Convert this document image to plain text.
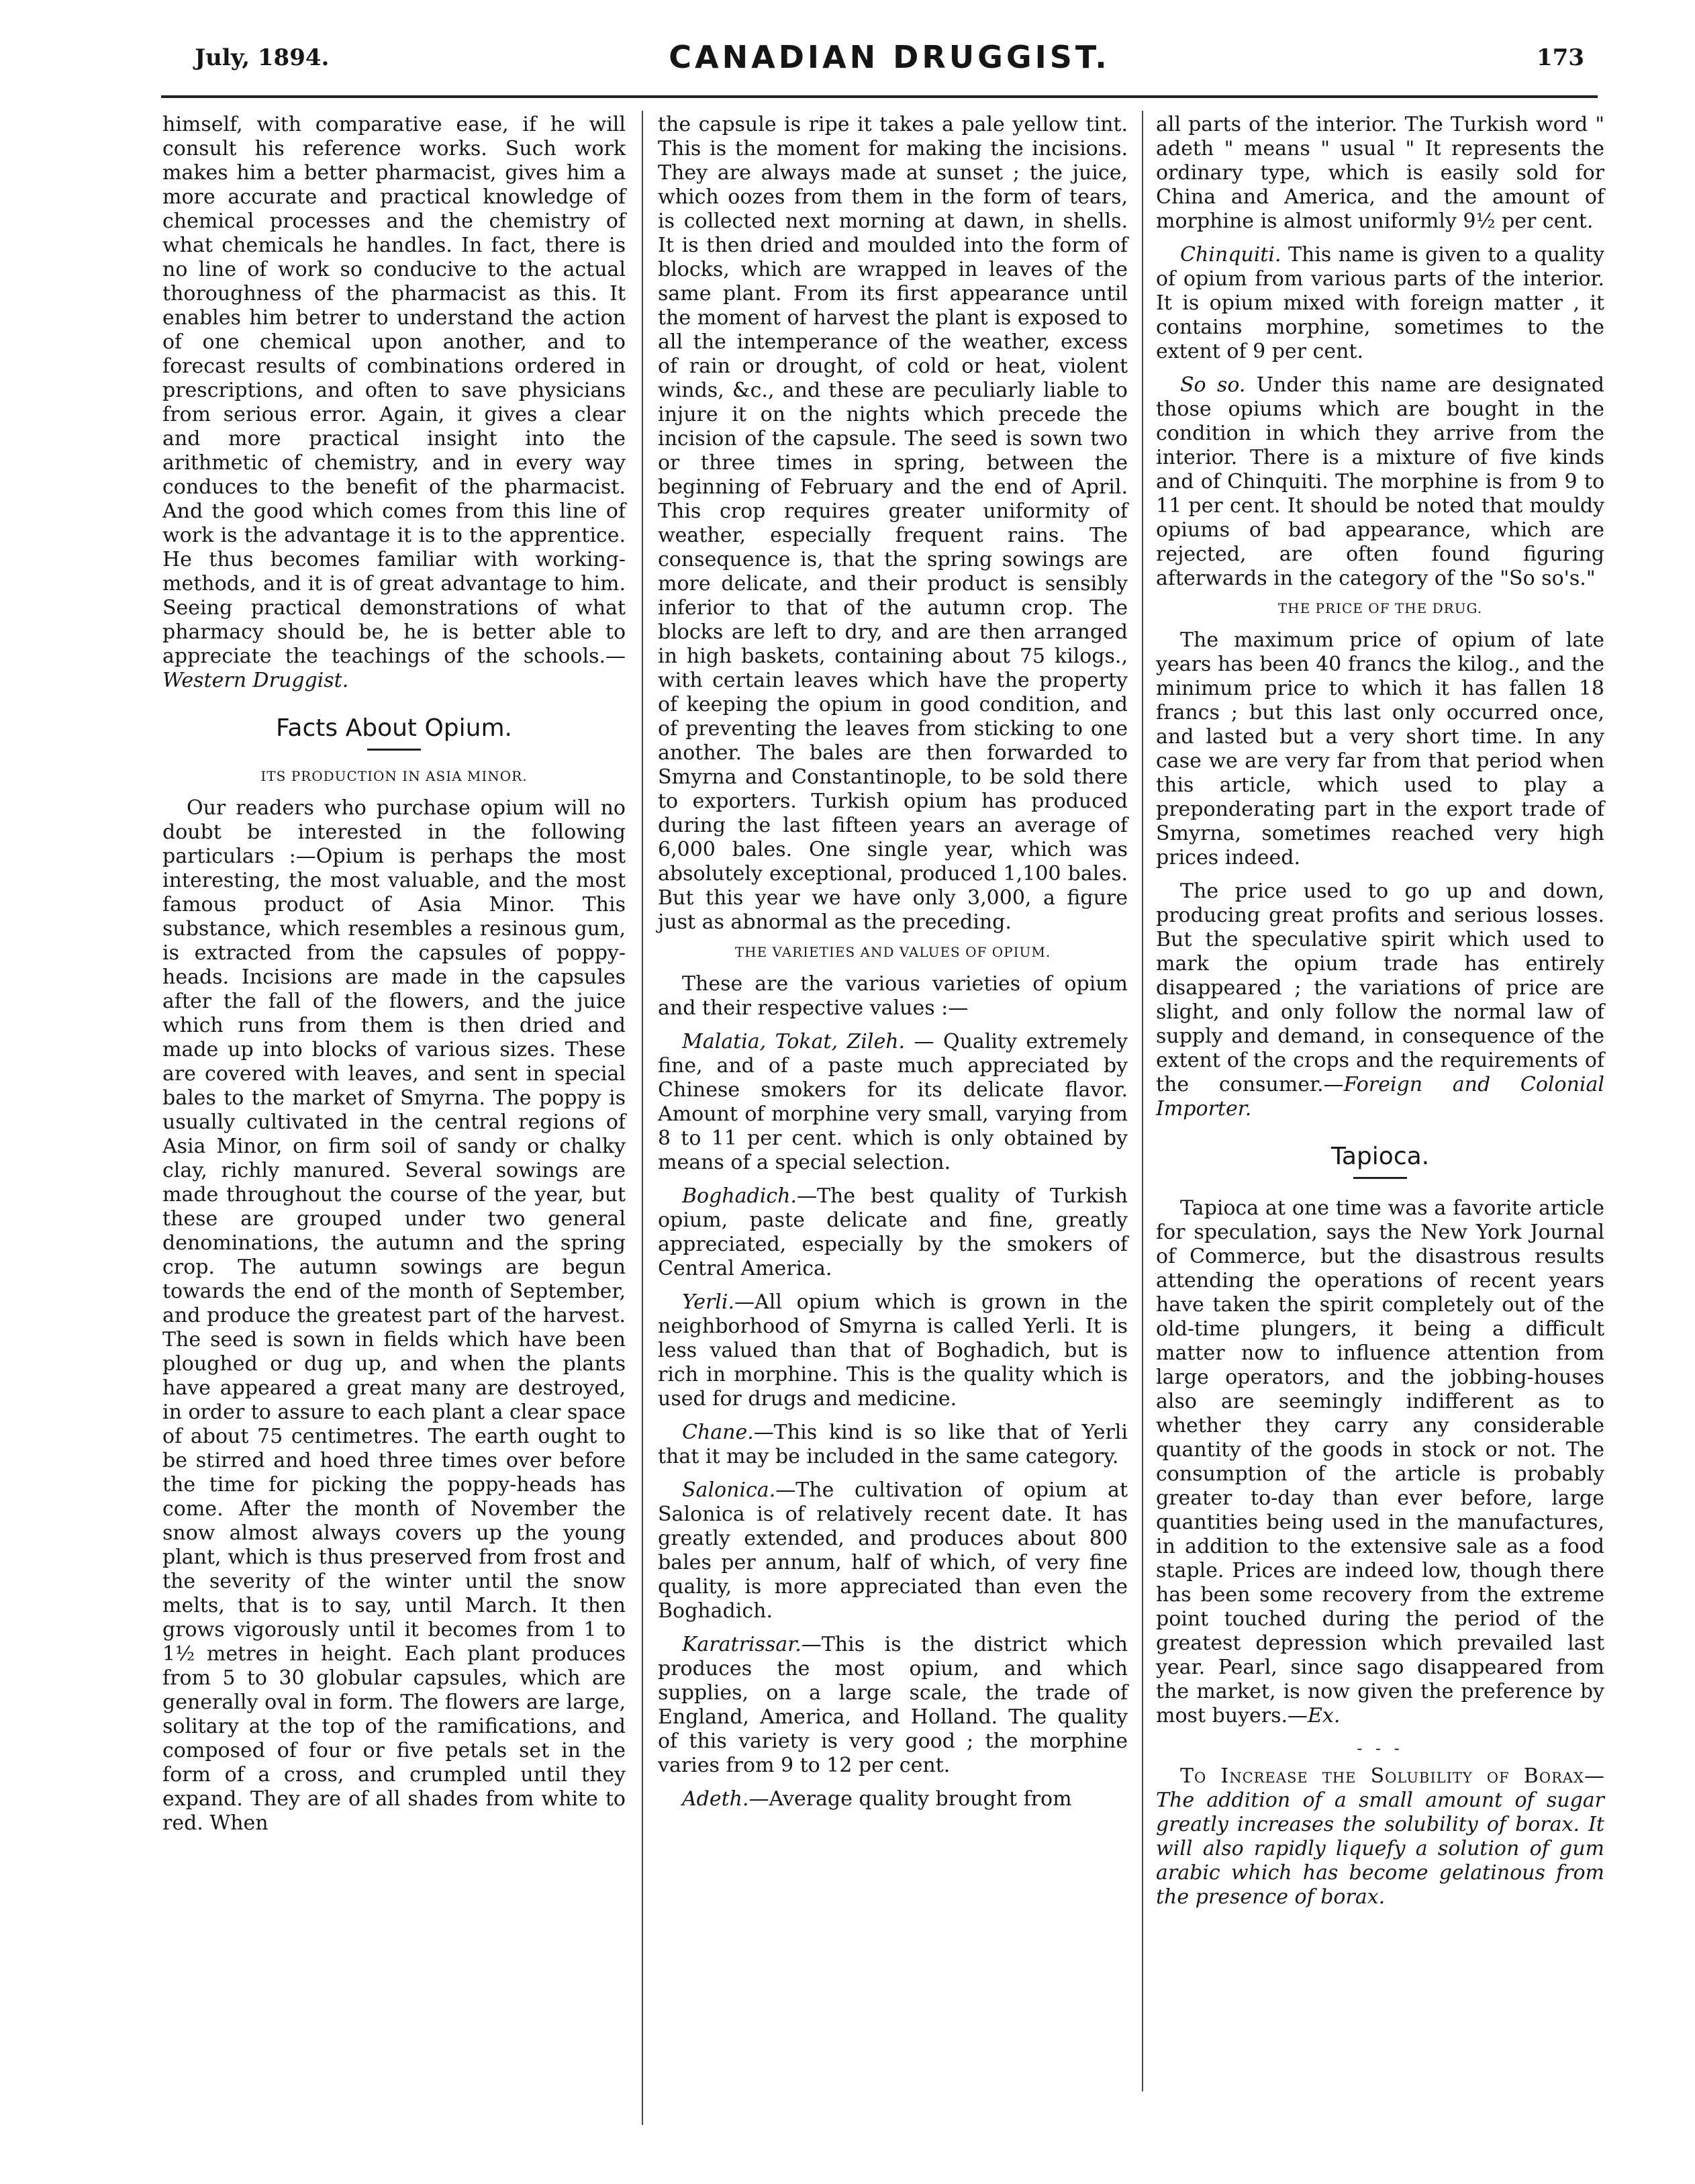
July, 1894.	CANADIAN DRUGGIST.	173

himself, with comparative ease, if he will consult his reference works. Such work makes him a better pharmacist, gives him a more accurate and practical knowledge of chemical processes and the chemistry of what chemicals he handles. In fact, there is no line of work so conducive to the actual thoroughness of the pharmacist as this. It enables him betrer to understand the action of one chemical upon another, and to forecast results of combinations ordered in prescriptions, and often to save physicians from serious error. Again, it gives a clear and more practical insight into the arithmetic of chemistry, and in every way conduces to the benefit of the pharmacist. And the good which comes from this line of work is the advantage it is to the apprentice. He thus becomes familiar with working-methods, and it is of great advantage to him. Seeing practical demonstrations of what pharmacy should be, he is better able to appreciate the teachings of the schools.—Western Druggist.

Facts About Opium.
ITS PRODUCTION IN ASIA MINOR.

Our readers who purchase opium will no doubt be interested in the following particulars :—Opium is perhaps the most interesting, the most valuable, and the most famous product of Asia Minor. This substance, which resembles a resinous gum, is extracted from the capsules of poppy-heads. Incisions are made in the capsules after the fall of the flowers, and the juice which runs from them is then dried and made up into blocks of various sizes. These are covered with leaves, and sent in special bales to the market of Smyrna. The poppy is usually cultivated in the central regions of Asia Minor, on firm soil of sandy or chalky clay, richly manured. Several sowings are made throughout the course of the year, but these are grouped under two general denominations, the autumn and the spring crop. The autumn sowings are begun towards the end of the month of September, and produce the greatest part of the harvest. The seed is sown in fields which have been ploughed or dug up, and when the plants have appeared a great many are destroyed, in order to assure to each plant a clear space of about 75 centimetres. The earth ought to be stirred and hoed three times over before the time for picking the poppy-heads has come. After the month of November the snow almost always covers up the young plant, which is thus preserved from frost and the severity of the winter until the snow melts, that is to say, until March. It then grows vigorously until it becomes from 1 to 1½ metres in height. Each plant produces from 5 to 30 globular capsules, which are generally oval in form. The flowers are large, solitary at the top of the ramifications, and composed of four or five petals set in the form of a cross, and crumpled until they expand. They are of all shades from white to red. When

the capsule is ripe it takes a pale yellow tint. This is the moment for making the incisions. They are always made at sunset ; the juice, which oozes from them in the form of tears, is collected next morning at dawn, in shells. It is then dried and moulded into the form of blocks, which are wrapped in leaves of the same plant. From its first appearance until the moment of harvest the plant is exposed to all the intemperance of the weather, excess of rain or drought, of cold or heat, violent winds, &c., and these are peculiarly liable to injure it on the nights which precede the incision of the capsule. The seed is sown two or three times in spring, between the beginning of February and the end of April. This crop requires greater uniformity of weather, especially frequent rains. The consequence is, that the spring sowings are more delicate, and their product is sensibly inferior to that of the autumn crop. The blocks are left to dry, and are then arranged in high baskets, containing about 75 kilogs., with certain leaves which have the property of keeping the opium in good condition, and of preventing the leaves from sticking to one another. The bales are then forwarded to Smyrna and Constantinople, to be sold there to exporters. Turkish opium has produced during the last fifteen years an average of 6,000 bales. One single year, which was absolutely exceptional, produced 1,100 bales. But this year we have only 3,000, a figure just as abnormal as the preceding.

THE VARIETIES AND VALUES OF OPIUM.

These are the various varieties of opium and their respective values :—

Malatia, Tokat, Zileh. — Quality extremely fine, and of a paste much appreciated by Chinese smokers for its delicate flavor. Amount of morphine very small, varying from 8 to 11 per cent. which is only obtained by means of a special selection.

Boghadich.—The best quality of Turkish opium, paste delicate and fine, greatly appreciated, especially by the smokers of Central America.

Yerli.—All opium which is grown in the neighborhood of Smyrna is called Yerli. It is less valued than that of Boghadich, but is rich in morphine. This is the quality which is used for drugs and medicine.

Chane.—This kind is so like that of Yerli that it may be included in the same category.

Salonica.—The cultivation of opium at Salonica is of relatively recent date. It has greatly extended, and produces about 800 bales per annum, half of which, of very fine quality, is more appreciated than even the Boghadich.

Karatrissar.—This is the district which produces the most opium, and which supplies, on a large scale, the trade of England, America, and Holland. The quality of this variety is very good ; the morphine varies from 9 to 12 per cent.

Adeth.—Average quality brought from

all parts of the interior. The Turkish word " adeth " means " usual " It represents the ordinary type, which is easily sold for China and America, and the amount of morphine is almost uniformly 9½ per cent.

Chinquiti. This name is given to a quality of opium from various parts of the interior. It is opium mixed with foreign matter , it contains morphine, sometimes to the extent of 9 per cent.

So so. Under this name are designated those opiums which are bought in the condition in which they arrive from the interior. There is a mixture of five kinds and of Chinquiti. The morphine is from 9 to 11 per cent. It should be noted that mouldy opiums of bad appearance, which are rejected, are often found figuring afterwards in the category of the "So so's."

THE PRICE OF THE DRUG.

The maximum price of opium of late years has been 40 francs the kilog., and the minimum price to which it has fallen 18 francs ; but this last only occurred once, and lasted but a very short time. In any case we are very far from that period when this article, which used to play a preponderating part in the export trade of Smyrna, sometimes reached very high prices indeed.

The price used to go up and down, producing great profits and serious losses. But the speculative spirit which used to mark the opium trade has entirely disappeared ; the variations of price are slight, and only follow the normal law of supply and demand, in consequence of the extent of the crops and the requirements of the consumer.—Foreign and Colonial Importer.

Tapioca.

Tapioca at one time was a favorite article for speculation, says the New York Journal of Commerce, but the disastrous results attending the operations of recent years have taken the spirit completely out of the old-time plungers, it being a difficult matter now to influence attention from large operators, and the jobbing-houses also are seemingly indifferent as to whether they carry any considerable quantity of the goods in stock or not. The consumption of the article is probably greater to-day than ever before, large quantities being used in the manufactures, in addition to the extensive sale as a food staple. Prices are indeed low, though there has been some recovery from the extreme point touched during the period of the greatest depression which prevailed last year. Pearl, since sago disappeared from the market, is now given the preference by most buyers.—Ex.

- - -

To Increase the Solubility of Borax—The addition of a small amount of sugar greatly increases the solubility of borax. It will also rapidly liquefy a solution of gum arabic which has become gelatinous from the presence of borax.
